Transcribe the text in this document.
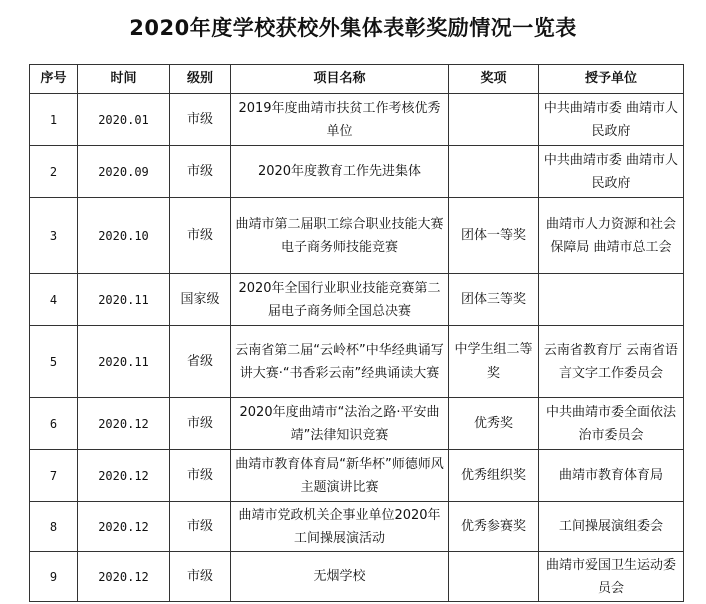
2020年度学校获校外集体表彰奖励情况一览表
序号	时间	级别	项目名称	奖项	授予单位
1	2020.01	市级	2019年度曲靖市扶贫工作考核优秀单位		中共曲靖市委 曲靖市人民政府
2	2020.09	市级	2020年度教育工作先进集体		中共曲靖市委 曲靖市人民政府
3	2020.10	市级	曲靖市第二届职工综合职业技能大赛电子商务师技能竞赛	团体一等奖	曲靖市人力资源和社会保障局 曲靖市总工会
4	2020.11	国家级	2020年全国行业职业技能竞赛第二届电子商务师全国总决赛	团体三等奖	
5	2020.11	省级	云南省第二届“云岭杯”中华经典诵写讲大赛·“书香彩云南”经典诵读大赛	中学生组二等奖	云南省教育厅 云南省语言文字工作委员会
6	2020.12	市级	2020年度曲靖市“法治之路·平安曲靖”法律知识竞赛	优秀奖	中共曲靖市委全面依法治市委员会
7	2020.12	市级	曲靖市教育体育局“新华杯”师德师风主题演讲比赛	优秀组织奖	曲靖市教育体育局
8	2020.12	市级	曲靖市党政机关企事业单位2020年工间操展演活动	优秀参赛奖	工间操展演组委会
9	2020.12	市级	无烟学校		曲靖市爱国卫生运动委员会
